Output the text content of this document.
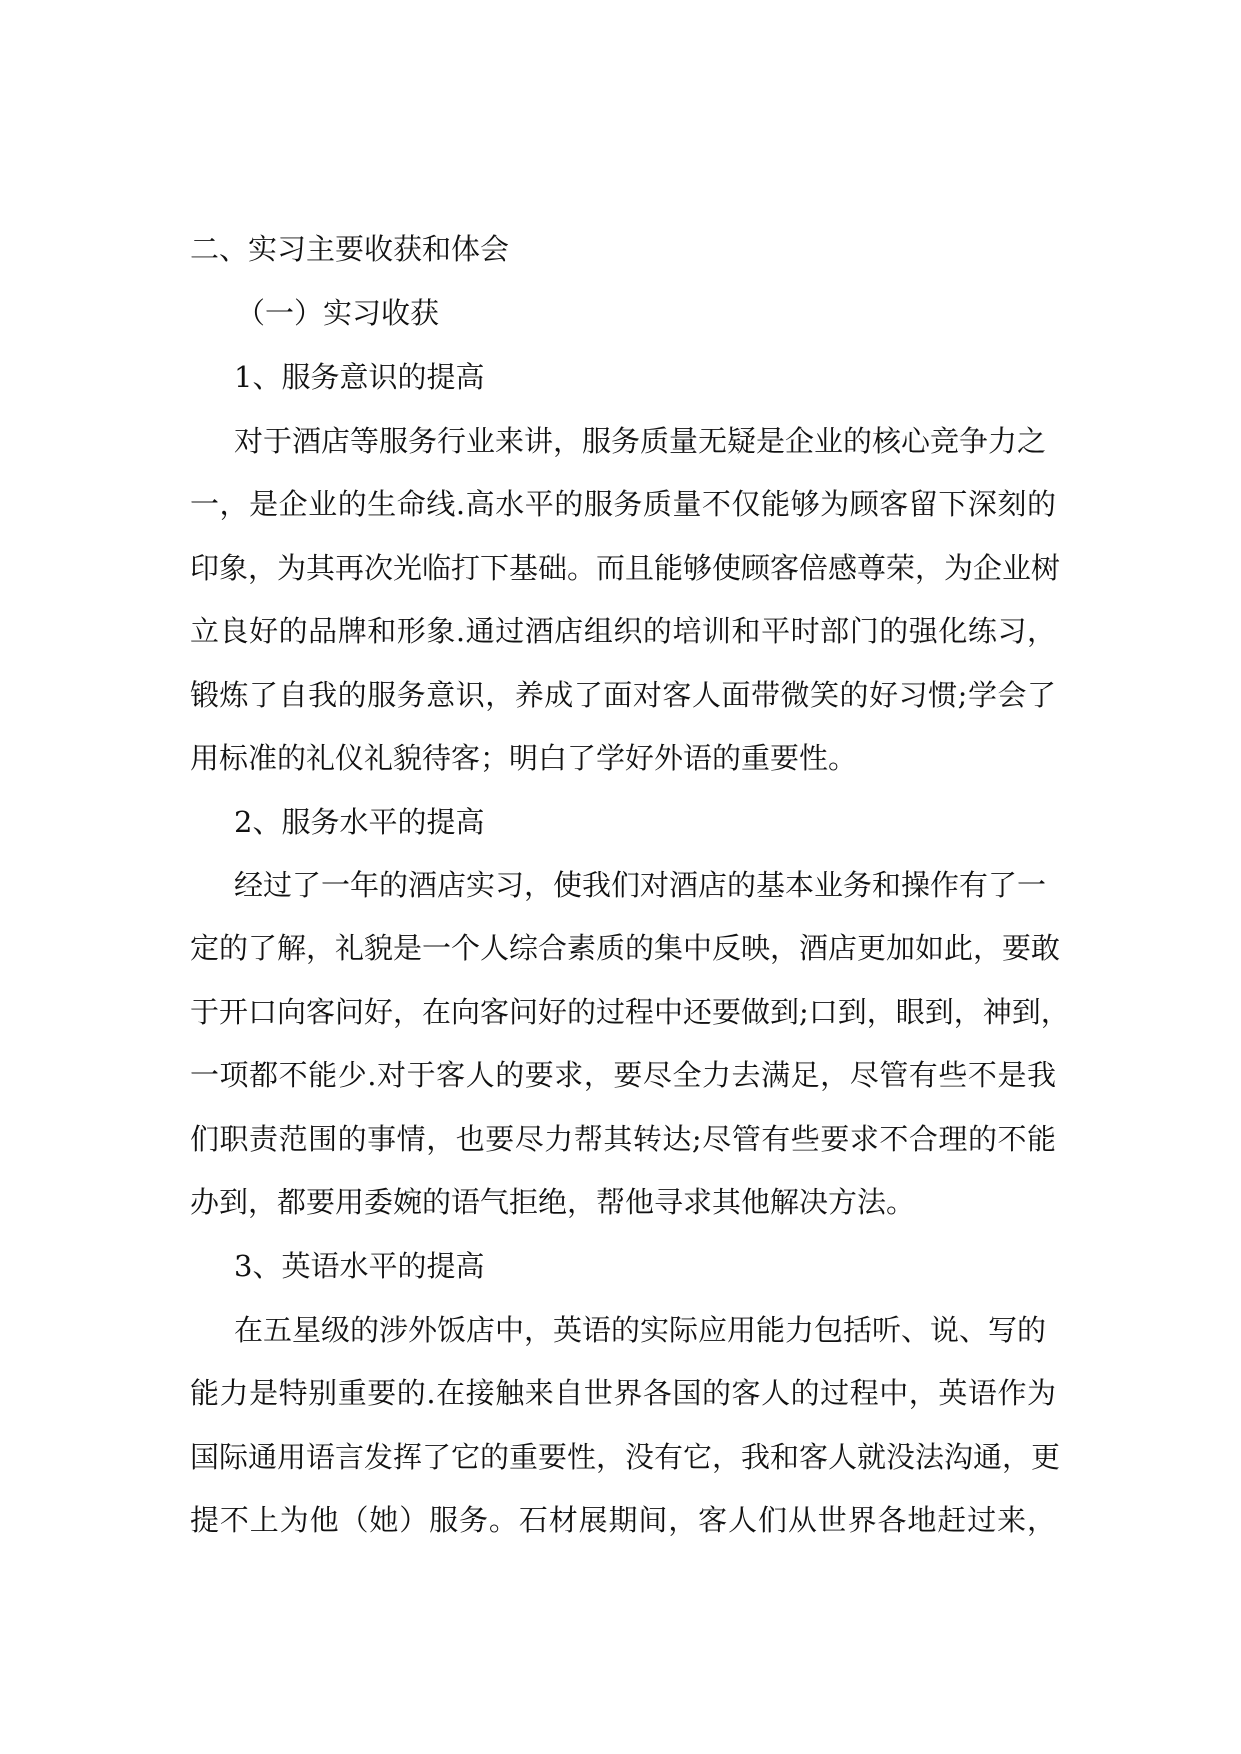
二、实习主要收获和体会
（一）实习收获
1、服务意识的提高
对于酒店等服务行业来讲，服务质量无疑是企业的核心竞争力之
一，是企业的生命线.高水平的服务质量不仅能够为顾客留下深刻的
印象，为其再次光临打下基础。而且能够使顾客倍感尊荣，为企业树
立良好的品牌和形象.通过酒店组织的培训和平时部门的强化练习，
锻炼了自我的服务意识，养成了面对客人面带微笑的好习惯;学会了
用标准的礼仪礼貌待客；明白了学好外语的重要性。
2、服务水平的提高
经过了一年的酒店实习，使我们对酒店的基本业务和操作有了一
定的了解，礼貌是一个人综合素质的集中反映，酒店更加如此，要敢
于开口向客问好，在向客问好的过程中还要做到;口到，眼到，神到，
一项都不能少.对于客人的要求，要尽全力去满足，尽管有些不是我
们职责范围的事情，也要尽力帮其转达;尽管有些要求不合理的不能
办到，都要用委婉的语气拒绝，帮他寻求其他解决方法。
3、英语水平的提高
在五星级的涉外饭店中，英语的实际应用能力包括听、说、写的
能力是特别重要的.在接触来自世界各国的客人的过程中，英语作为
国际通用语言发挥了它的重要性，没有它，我和客人就没法沟通，更
提不上为他（她）服务。石材展期间，客人们从世界各地赶过来，
